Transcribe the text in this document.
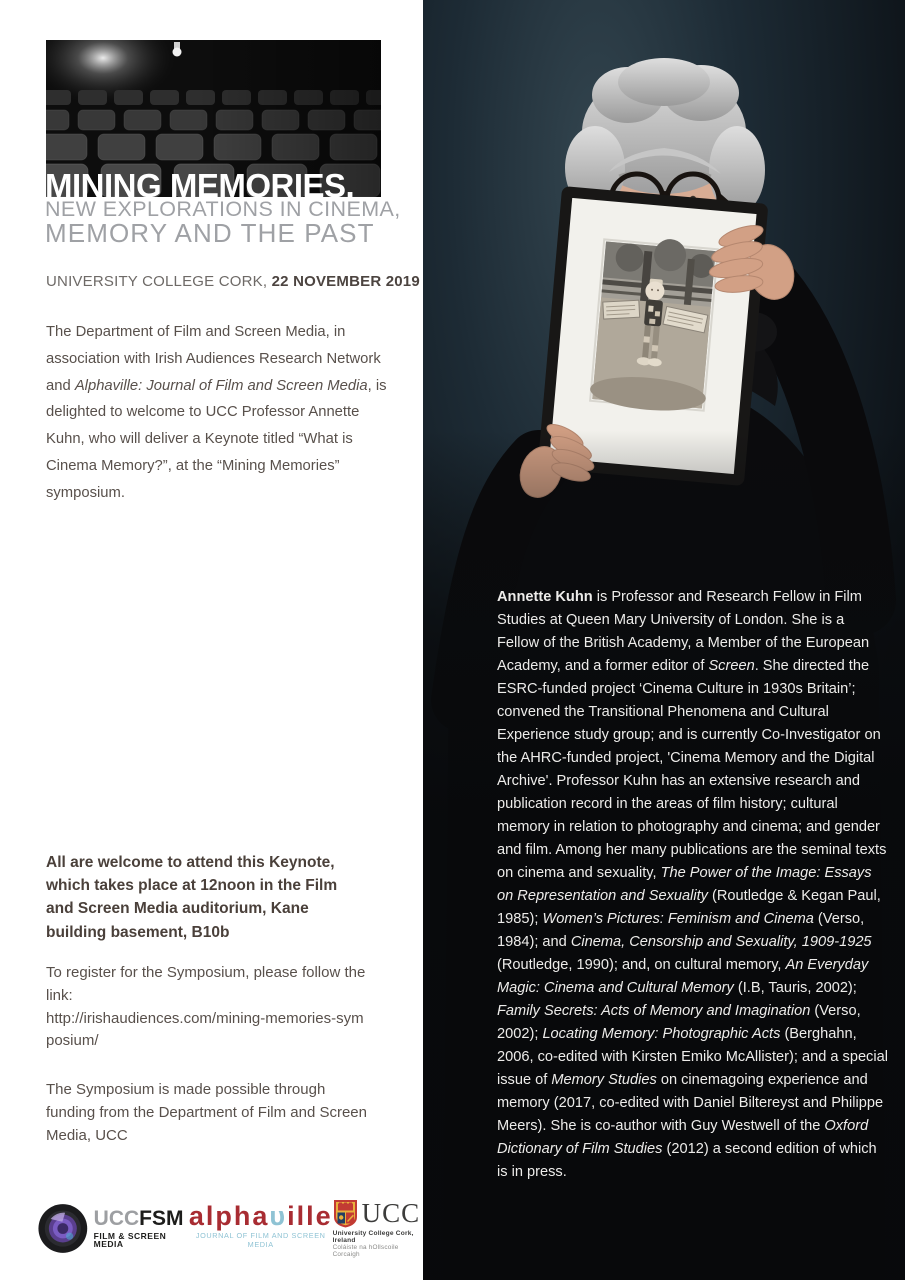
MINING MEMORIES.
NEW EXPLORATIONS IN CINEMA,
MEMORY AND THE PAST

UNIVERSITY COLLEGE CORK, 22 NOVEMBER 2019

The Department of Film and Screen Media, in association with Irish Audiences Research Network and Alphaville: Journal of Film and Screen Media, is delighted to welcome to UCC Professor Annette Kuhn, who will deliver a Keynote titled “What is Cinema Memory?”, at the “Mining Memories” symposium.

All are welcome to attend this Keynote, which takes place at 12noon in the Film and Screen Media auditorium, Kane building basement, B10b

To register for the Symposium, please follow the link:
http://irishaudiences.com/mining-memories-symposium/

The Symposium is made possible through funding from the Department of Film and Screen Media, UCC

UCCFSM
FILM & SCREEN MEDIA
alphaυille
JOURNAL OF FILM AND SCREEN MEDIA
UCC
University College Cork, Ireland
Coláiste na hOllscoile Corcaigh
Annette Kuhn is Professor and Research Fellow in Film Studies at Queen Mary University of London. She is a Fellow of the British Academy, a Member of the European Academy, and a former editor of Screen. She directed the ESRC-funded project ‘Cinema Culture in 1930s Britain’; convened the Transitional Phenomena and Cultural Experience study group; and is currently Co-Investigator on the AHRC-funded project, 'Cinema Memory and the Digital Archive'. Professor Kuhn has an extensive research and publication record in the areas of film history; cultural memory in relation to photography and cinema; and gender and film. Among her many publications are the seminal texts on cinema and sexuality, The Power of the Image: Essays on Representation and Sexuality (Routledge & Kegan Paul, 1985); Women’s Pictures: Feminism and Cinema (Verso, 1984); and Cinema, Censorship and Sexuality, 1909-1925 (Routledge, 1990); and, on cultural memory, An Everyday Magic: Cinema and Cultural Memory (I.B, Tauris, 2002); Family Secrets: Acts of Memory and Imagination (Verso, 2002); Locating Memory: Photographic Acts (Berghahn, 2006, co-edited with Kirsten Emiko McAllister); and a special issue of Memory Studies on cinemagoing experience and memory (2017, co-edited with Daniel Biltereyst and Philippe Meers). She is co-author with Guy Westwell of the Oxford Dictionary of Film Studies (2012) a second edition of which is in press.
